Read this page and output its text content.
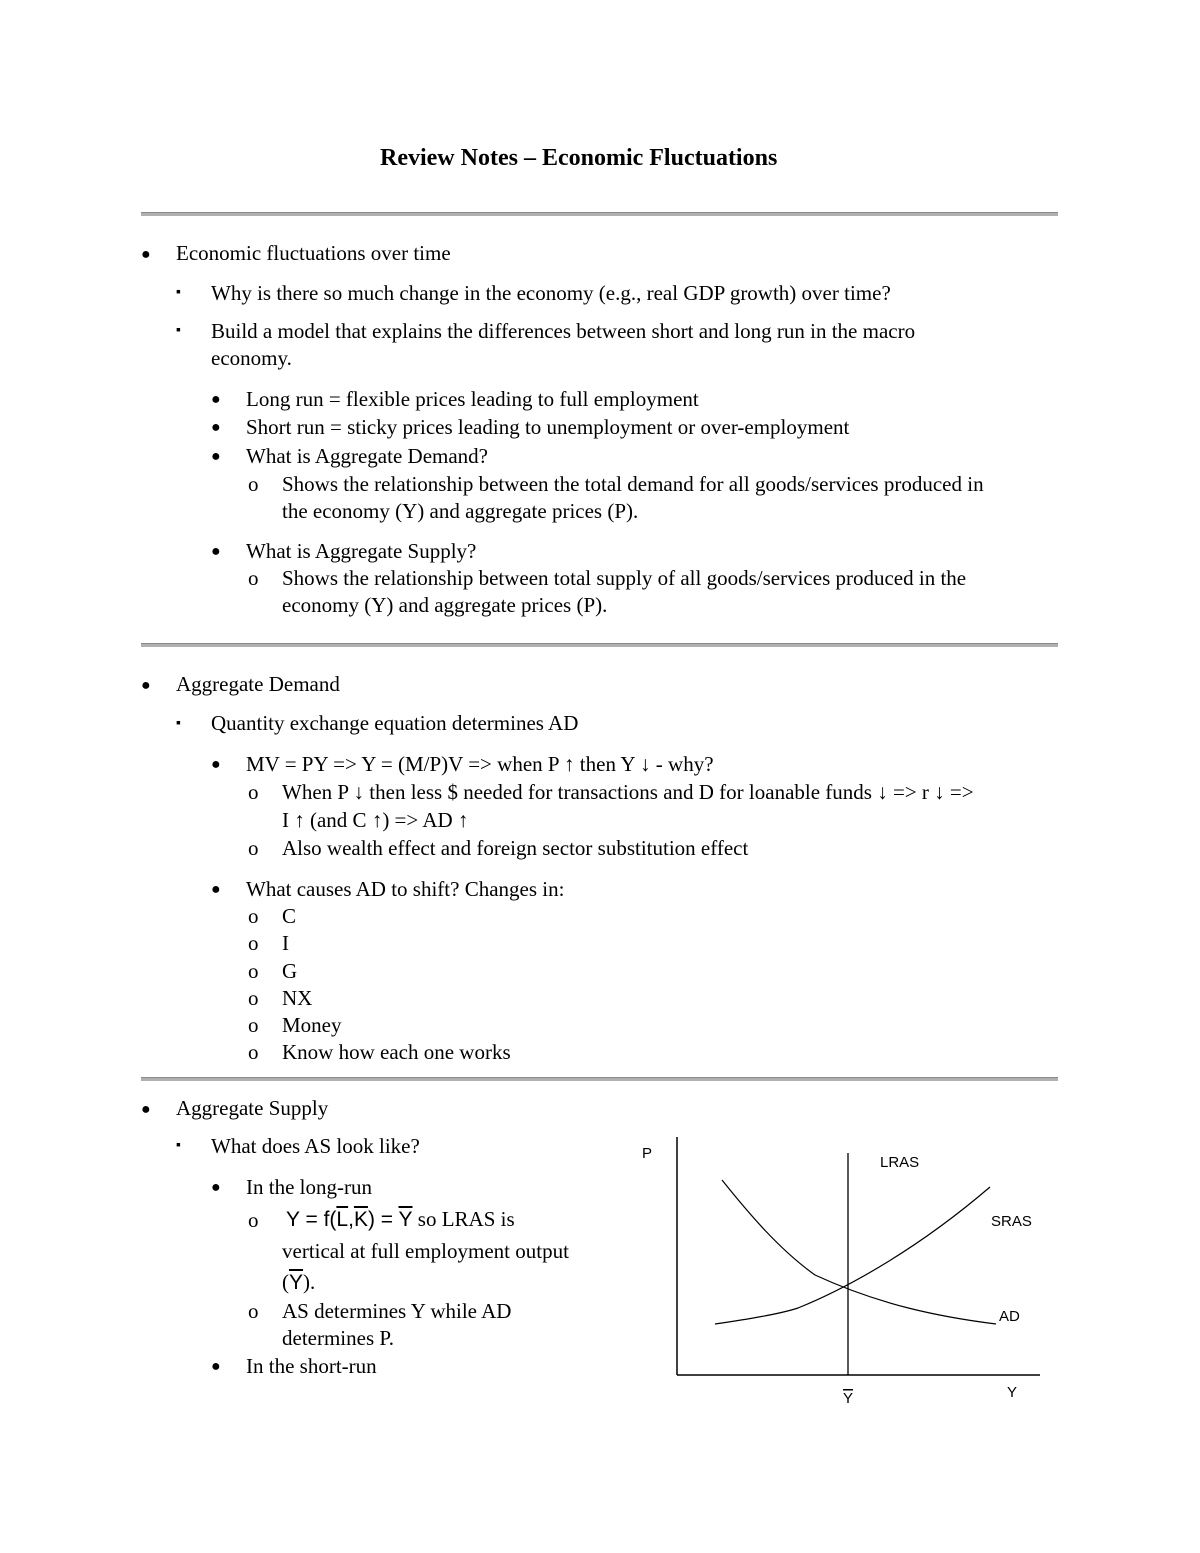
Review Notes – Economic Fluctuations
● Economic fluctuations over time
▪ Why is there so much change in the economy (e.g., real GDP growth) over time?
▪ Build a model that explains the differences between short and long run in the macro
economy.
● Long run = flexible prices leading to full employment
● Short run = sticky prices leading to unemployment or over-employment
● What is Aggregate Demand?
o Shows the relationship between the total demand for all goods/services produced in
the economy (Y) and aggregate prices (P).
● What is Aggregate Supply?
o Shows the relationship between total supply of all goods/services produced in the
economy (Y) and aggregate prices (P).
● Aggregate Demand
▪ Quantity exchange equation determines AD
● MV = PY => Y = (M/P)V => when P ↑ then Y ↓ - why?
o When P ↓ then less $ needed for transactions and D for loanable funds ↓ => r ↓ =>
I ↑ (and C ↑) => AD ↑
o Also wealth effect and foreign sector substitution effect
● What causes AD to shift? Changes in:
o C
o I
o G
o NX
o Money
o Know how each one works
● Aggregate Supply
▪ What does AS look like?
● In the long-run
o $Y = f(\overline{L},\overline{K}) = \overline{Y}$ so LRAS is
vertical at full employment output
$(\overline{Y})$.
o AS determines Y while AD
determines P.
● In the short-run
P
LRAS
SRAS
AD
Y	Y
